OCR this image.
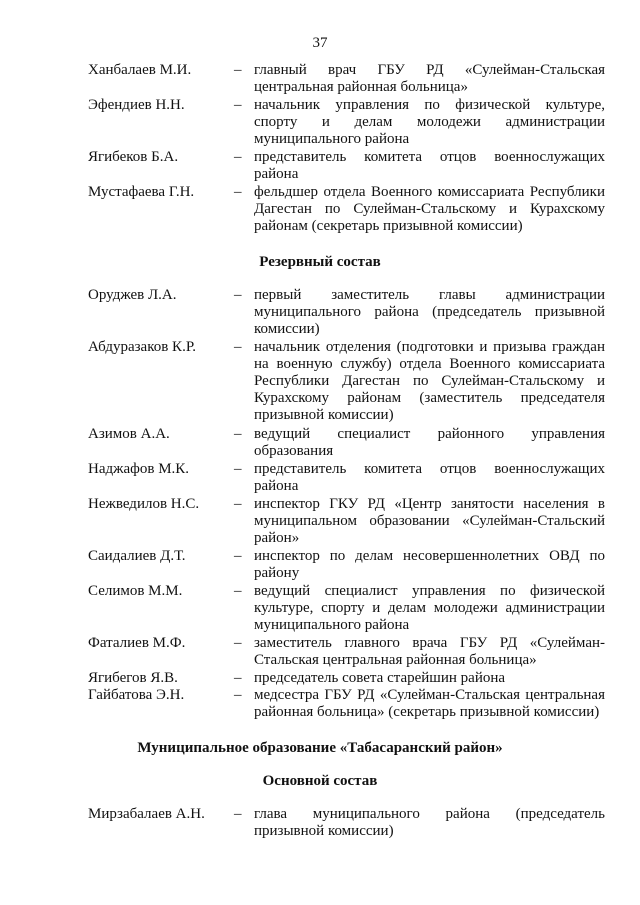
37
Ханбалаев М.И.	– главный врач ГБУ РД «Сулейман-Стальская центральная районная больница»
Эфендиев Н.Н.	– начальник управления по физической культуре, спорту и делам молодежи администрации муниципального района
Ягибеков Б.А.	– представитель комитета отцов военнослужащих района
Мустафаева Г.Н.	– фельдшер отдела Военного комиссариата Республики Дагестан по Сулейман-Стальскому и Курахскому районам (секретарь призывной комиссии)
Резервный состав
Оруджев Л.А.	– первый заместитель главы администрации муниципального района (председатель призывной комиссии)
Абдуразаков К.Р.	– начальник отделения (подготовки и призыва граждан на военную службу) отдела Военного комиссариата Республики Дагестан по Сулейман-Стальскому и Курахскому районам (заместитель председателя призывной комиссии)
Азимов А.А.	– ведущий специалист районного управления образования
Наджафов М.К.	– представитель комитета отцов военнослужащих района
Нежведилов Н.С. – инспектор ГКУ РД «Центр занятости населения в муниципальном образовании «Сулейман-Стальский район»
Саидалиев Д.Т.	– инспектор по делам несовершеннолетних ОВД по району
Селимов М.М.	– ведущий специалист управления по физической культуре, спорту и делам молодежи администрации муниципального района
Фаталиев М.Ф.	– заместитель главного врача ГБУ РД «Сулейман-Стальская центральная районная больница»
Ягибегов Я.В.	– председатель совета старейшин района
Гайбатова Э.Н.	– медсестра ГБУ РД «Сулейман-Стальская центральная районная больница» (секретарь призывной комиссии)
Муниципальное образование «Табасаранский район»
Основной состав
Мирзабалаев А.Н. – глава муниципального района (председатель призывной комиссии)
